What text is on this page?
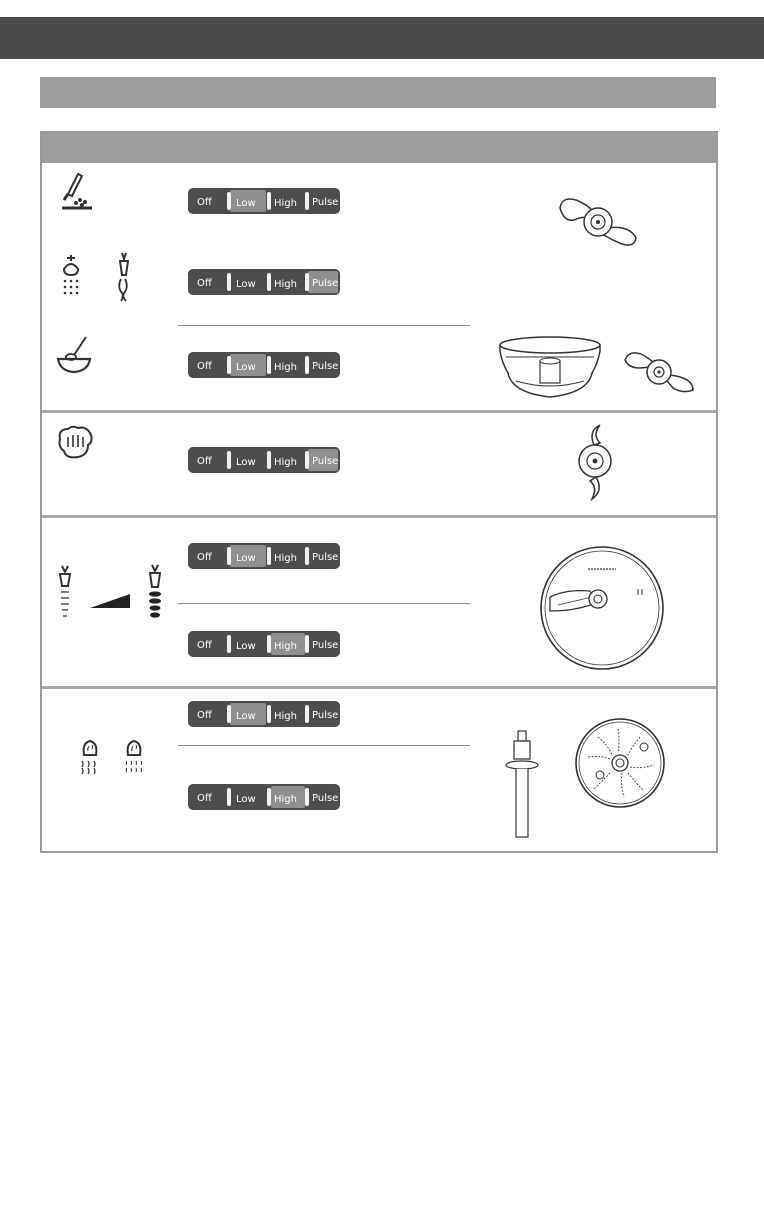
Off Low High Pulse
Off Low High Pulse
Off Low High Pulse
Off Low High Pulse
Off Low High Pulse
Off Low High Pulse
Off Low High Pulse
Off Low High Pulse
